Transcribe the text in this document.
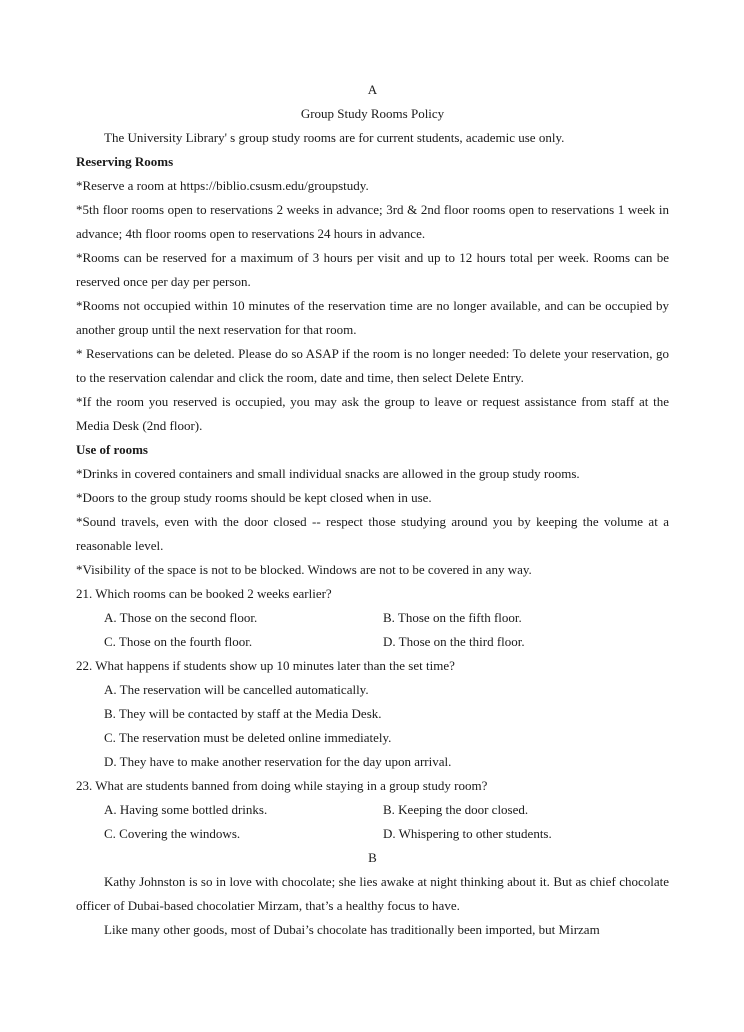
A

Group Study Rooms Policy

The University Library' s group study rooms are for current students, academic use only.

Reserving Rooms

*Reserve a room at https://biblio.csusm.edu/groupstudy.

*5th floor rooms open to reservations 2 weeks in advance; 3rd & 2nd floor rooms open to reservations 1 week in advance; 4th floor rooms open to reservations 24 hours in advance.

*Rooms can be reserved for a maximum of 3 hours per visit and up to 12 hours total per week. Rooms can be reserved once per day per person.

*Rooms not occupied within 10 minutes of the reservation time are no longer available, and can be occupied by another group until the next reservation for that room.

* Reservations can be deleted. Please do so ASAP if the room is no longer needed: To delete your reservation, go to the reservation calendar and click the room, date and time, then select Delete Entry.

*If the room you reserved is occupied, you may ask the group to leave or request assistance from staff at the Media Desk (2nd floor).

Use of rooms

*Drinks in covered containers and small individual snacks are allowed in the group study rooms.

*Doors to the group study rooms should be kept closed when in use.

*Sound travels, even with the door closed -- respect those studying around you by keeping the volume at a reasonable level.

*Visibility of the space is not to be blocked. Windows are not to be covered in any way.

21. Which rooms can be booked 2 weeks earlier?

A. Those on the second floor.	B. Those on the fifth floor.
C. Those on the fourth floor.	D. Those on the third floor.

22. What happens if students show up 10 minutes later than the set time?

A. The reservation will be cancelled automatically.

B. They will be contacted by staff at the Media Desk.

C. The reservation must be deleted online immediately.

D. They have to make another reservation for the day upon arrival.

23. What are students banned from doing while staying in a group study room?

A. Having some bottled drinks.	B. Keeping the door closed.
C. Covering the windows.	D. Whispering to other students.

B

Kathy Johnston is so in love with chocolate; she lies awake at night thinking about it. But as chief chocolate officer of Dubai-based chocolatier Mirzam, that’s a healthy focus to have.

Like many other goods, most of Dubai’s chocolate has traditionally been imported, but Mirzam
